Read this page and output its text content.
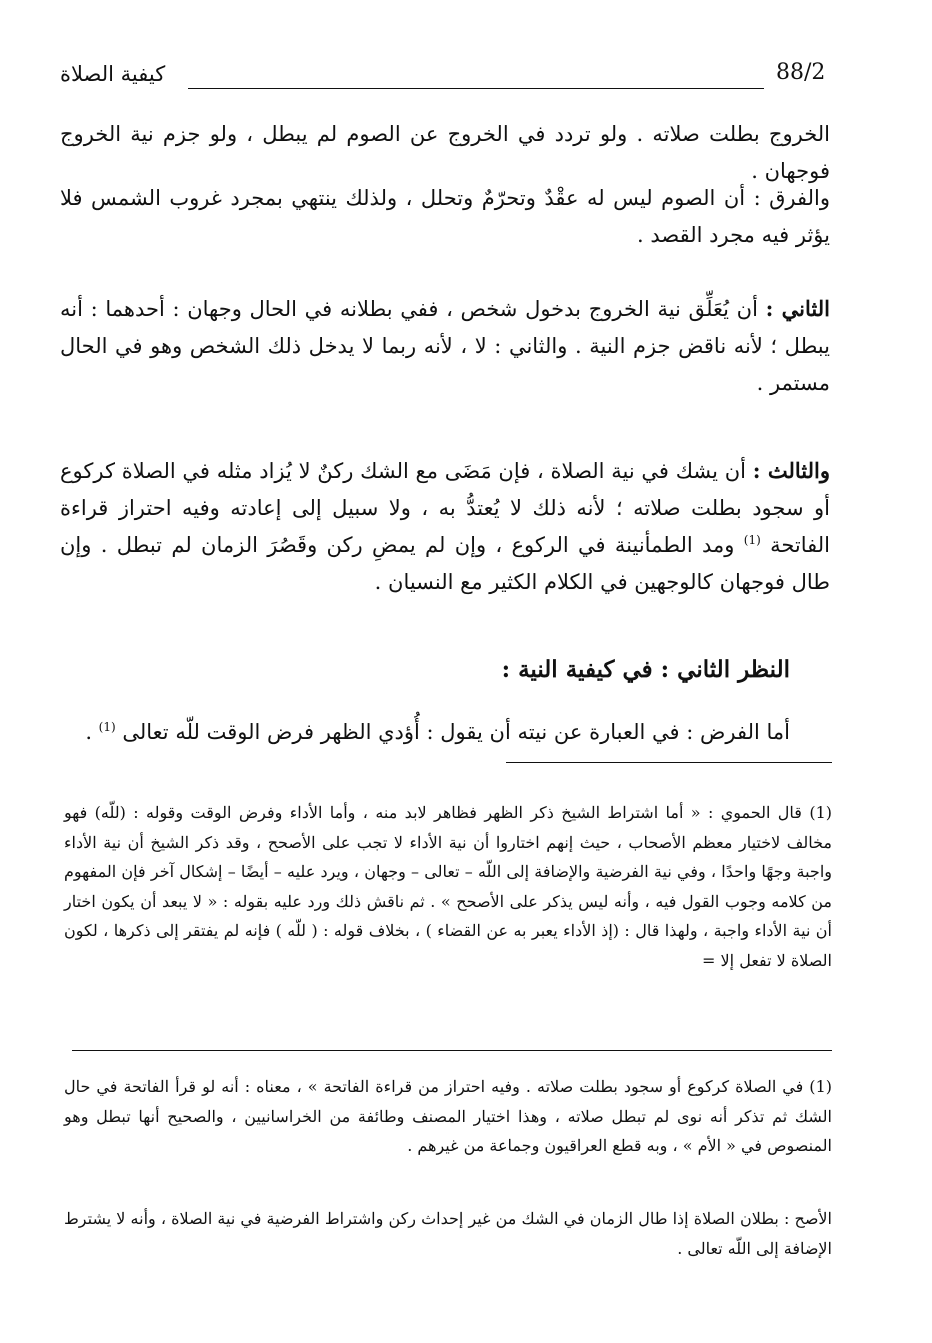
88/2
كيفية الصلاة

الخروج بطلت صلاته . ولو تردد في الخروج عن الصوم لم يبطل ، ولو جزم نية الخروج فوجهان .

والفرق : أن الصوم ليس له عقْدٌ وتحرّمٌ وتحلل ، ولذلك ينتهي بمجرد غروب الشمس فلا يؤثر فيه مجرد القصد .

الثاني : أن يُعَلِّق نية الخروج بدخول شخص ، ففي بطلانه في الحال وجهان : أحدهما : أنه يبطل ؛ لأنه ناقض جزم النية . والثاني : لا ، لأنه ربما لا يدخل ذلك الشخص وهو في الحال مستمر .

والثالث : أن يشك في نية الصلاة ، فإن مَضَى مع الشك ركنٌ لا يُزاد مثله في الصلاة كركوع أو سجود بطلت صلاته ؛ لأنه ذلك لا يُعتدُّ به ، ولا سبيل إلى إعادته وفيه احتراز قراءة الفاتحة $^{(1)}$ ومد الطمأنينة في الركوع ، وإن لم يمضِ ركن وقَصُرَ الزمان لم تبطل . وإن طال فوجهان كالوجهين في الكلام الكثير مع النسيان .

النظر الثاني : في كيفية النية :
أما الفرض : في العبارة عن نيته أن يقول : أُؤدي الظهر فرض الوقت للّه تعالى $^{(1)}$ .

(1) قال الحموي : « أما اشتراط الشيخ ذكر الظهر فظاهر لابد منه ، وأما الأداء وفرض الوقت وقوله : (للّه) فهو مخالف لاختيار معظم الأصحاب ، حيث إنهم اختاروا أن نية الأداء لا تجب على الأصحح ، وقد ذكر الشيخ أن نية الأداء واجبة وجهًا واحدًا ، وفي نية الفرضية والإضافة إلى اللّه – تعالى – وجهان ، ويرد عليه – أيضًا – إشكال آخر فإن المفهوم من كلامه وجوب القول فيه ، وأنه ليس يذكر على الأصحح » . ثم ناقش ذلك ورد عليه بقوله : « لا يبعد أن يكون اختار أن نية الأداء واجبة ، ولهذا قال : (إذ الأداء يعبر به عن القضاء ) ، بخلاف قوله : ( للّه ) فإنه لم يفتقر إلى ذكرها ، لكون الصلاة لا تفعل إلا =

(1) في الصلاة كركوع أو سجود بطلت صلاته . وفيه احتراز من قراءة الفاتحة » ، معناه : أنه لو قرأ الفاتحة في حال الشك ثم تذكر أنه نوى لم تبطل صلاته ، وهذا اختيار المصنف وطائفة من الخراسانيين ، والصحيح أنها تبطل وهو المنصوص في « الأم » ، وبه قطع العراقيون وجماعة من غيرهم .

الأصح : بطلان الصلاة إذا طال الزمان في الشك من غير إحداث ركن واشتراط الفرضية في نية الصلاة ، وأنه لا يشترط الإضافة إلى اللّه تعالى .
